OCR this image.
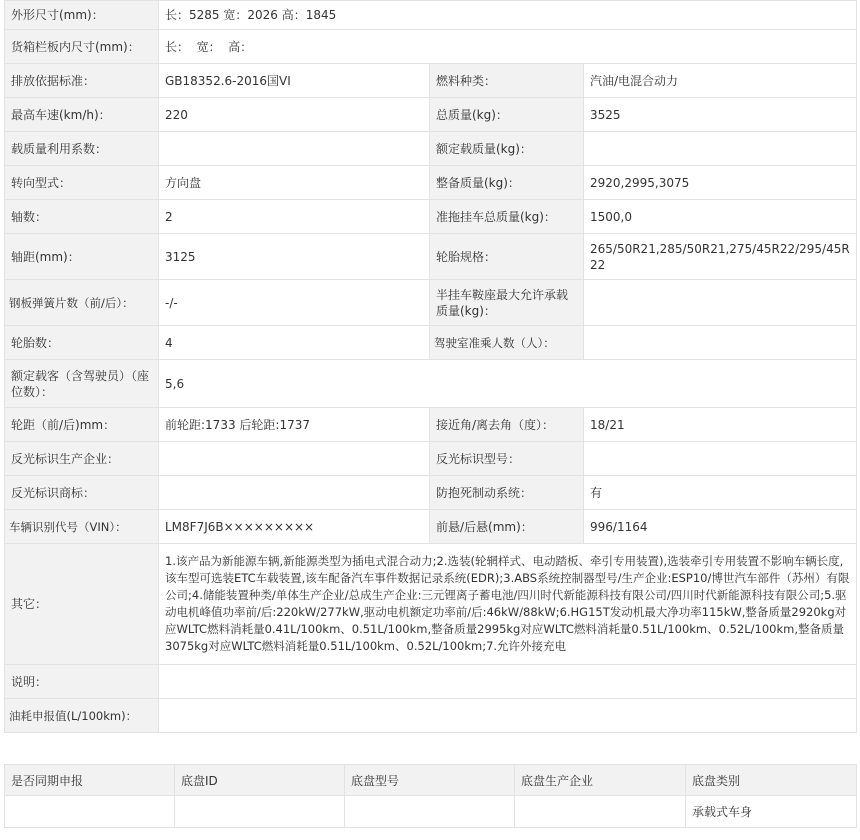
外形尺寸(mm)：	长：5285 宽：2026 高：1845		
货箱栏板内尺寸(mm)：	长：  宽：  高：		
排放依据标准：	GB18352.6-2016国VI	燃料种类：	汽油/电混合动力
最高车速(km/h)：	220	总质量(kg)：	3525
载质量利用系数：		额定载质量(kg)：	
转向型式：	方向盘	整备质量(kg)：	2920,2995,3075
轴数：	2	准拖挂车总质量(kg)：	1500,0
轴距(mm)：	3125	轮胎规格：	265/50R21,285/50R21,275/45R22/295/45R22
钢板弹簧片数（前/后）：	-/-	半挂车鞍座最大允许承载质量(kg)：	
轮胎数：	4	驾驶室准乘人数（人）：	
额定载客（含驾驶员）（座位数）：	5,6		
轮距（前/后)mm：	前轮距:1733 后轮距:1737	接近角/离去角（度）：	18/21
反光标识生产企业：		反光标识型号：	
反光标识商标：		防抱死制动系统：	有
车辆识别代号（VIN）：	LM8F7J6B×××××××××	前悬/后悬(mm)：	996/1164
其它：	1.该产品为新能源车辆,新能源类型为插电式混合动力;2.选装(轮辋样式、电动踏板、牵引专用装置),选装牵引专用装置不影响车辆长度,该车型可选装ETC车载装置,该车配备汽车事件数据记录系统(EDR);3.ABS系统控制器型号/生产企业:ESP10/博世汽车部件（苏州）有限公司;4.储能装置种类/单体生产企业/总成生产企业:三元锂离子蓄电池/四川时代新能源科技有限公司/四川时代新能源科技有限公司;5.驱动电机峰值功率前/后:220kW/277kW,驱动电机额定功率前/后:46kW/88kW;6.HG15T发动机最大净功率115kW,整备质量2920kg对应WLTC燃料消耗量0.41L/100km、0.51L/100km,整备质量2995kg对应WLTC燃料消耗量0.51L/100km、0.52L/100km,整备质量3075kg对应WLTC燃料消耗量0.51L/100km、0.52L/100km;7.允许外接充电		
说明：			
油耗申报值(L/100km)：			
是否同期申报	底盘ID	底盘型号	底盘生产企业	底盘类别
				承载式车身
